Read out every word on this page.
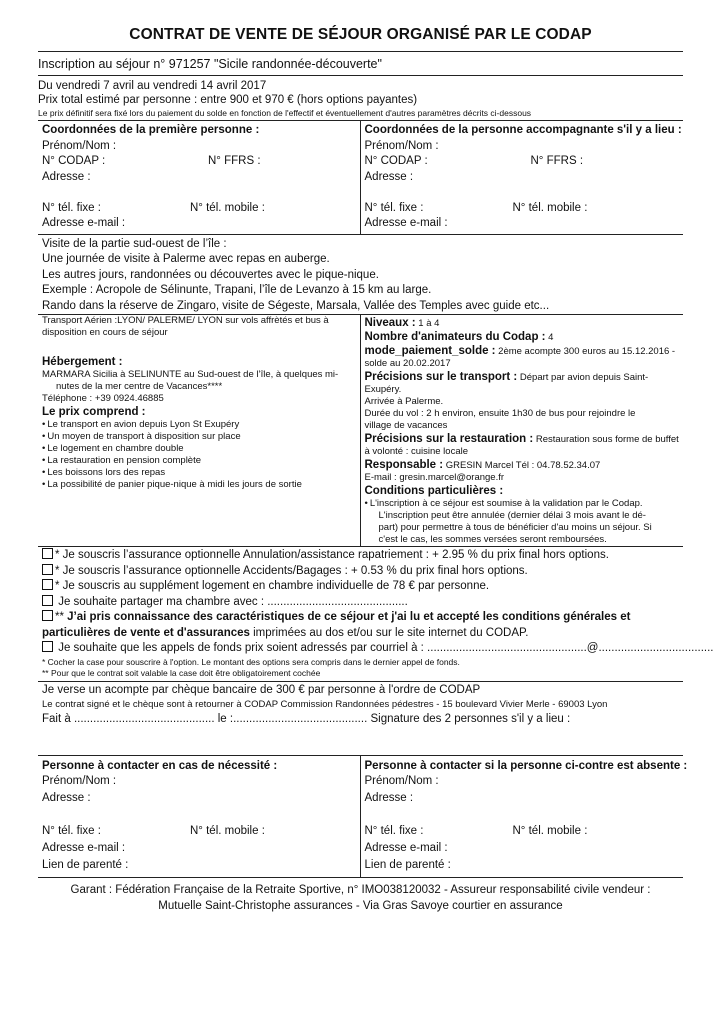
CONTRAT DE VENTE DE SÉJOUR ORGANISÉ PAR LE CODAP
Inscription au séjour n° 971257 "Sicile randonnée-découverte"
Du vendredi 7 avril au vendredi 14 avril 2017
Prix total estimé par personne : entre 900 et 970 € (hors options payantes)
Le prix définitif sera fixé lors du paiement du solde en fonction de l'effectif et éventuellement d'autres paramètres décrits ci-dessous
Coordonnées de la première personne :
Prénom/Nom :
N° CODAP :	N° FFRS :
Adresse :
N° tél. fixe :	N° tél. mobile :
Adresse e-mail :
Coordonnées de la personne accompagnante s'il y a lieu :
Prénom/Nom :
N° CODAP :	N° FFRS :
Adresse :
N° tél. fixe :	N° tél. mobile :
Adresse e-mail :
Visite de la partie sud-ouest de l’île :
Une journée de visite à Palerme avec repas en auberge.
Les autres jours, randonnées ou découvertes avec le pique-nique.
Exemple : Acropole de Sélinunte, Trapani, l’île de Levanzo à 15 km au large.
Rando dans la réserve de Zingaro, visite de Ségeste, Marsala, Vallée des Temples avec guide etc...
Transport Aérien :LYON/ PALERME/ LYON sur vols affrètés et bus à disposition en cours de séjour
Hébergement :
MARMARA Sicilia à SELINUNTE au Sud-ouest de l’île, à quelques mi-
nutes de la mer centre de Vacances****
Téléphone : +39 0924.46885
Le prix comprend :
• Le transport en avion depuis Lyon St Exupéry
• Un moyen de transport à disposition sur place
• Le logement en chambre double
• La restauration en pension complète
• Les boissons lors des repas
• La possibilité de panier pique-nique à midi les jours de sortie
Niveaux : 1 à 4
Nombre d'animateurs du Codap : 4
mode_paiement_solde : 2ème acompte 300 euros au 15.12.2016 -
solde au 20.02.2017
Précisions sur le transport : Départ par avion depuis Saint-Exupéry.
Arrivée à Palerme.
Durée du vol : 2 h environ, ensuite 1h30 de bus pour rejoindre le
village de vacances
Précisions sur la restauration : Restauration sous forme de buffet
à volonté : cuisine locale
Responsable : GRESIN Marcel Tél : 04.78.52.34.07
E-mail : gresin.marcel@orange.fr
Conditions particulières :
• L'inscription à ce séjour est soumise à la validation par le Codap.
L'inscription peut être annulée (dernier délai 3 mois avant le dé-
part) pour permettre à tous de bénéficier d'au moins un séjour. Si
c'est le cas, les sommes versées seront remboursées.
* Je souscris l’assurance optionnelle Annulation/assistance rapatriement : + 2.95 % du prix final hors options.
* Je souscris l’assurance optionnelle Accidents/Bagages : + 0.53 % du prix final hors options.
* Je souscris au supplément logement en chambre individuelle de 78 € par personne.
Je souhaite partager ma chambre avec : ............................................
** J’ai pris connaissance des caractéristiques de ce séjour et j'ai lu et accepté les conditions générales et particulières de vente et d'assurances imprimées au dos et/ou sur le site internet du CODAP.
Je souhaite que les appels de fonds prix soient adressés par courriel à : ..................................................@....................................
* Cocher la case pour souscrire à l'option. Le montant des options sera compris dans le dernier appel de fonds.
** Pour que le contrat soit valable la case doit être obligatoirement cochée
Je verse un acompte par chèque bancaire de 300 € par personne à l'ordre de CODAP
Le contrat signé et le chèque sont à retourner à CODAP Commission Randonnées pédestres - 15 boulevard Vivier Merle - 69003 Lyon
Fait à ............................................ le :.......................................... Signature des 2 personnes s'il y a lieu :
Personne à contacter en cas de nécessité :
Prénom/Nom :
Adresse :
N° tél. fixe :	N° tél. mobile :
Adresse e-mail :
Lien de parenté :
Personne à contacter si la personne ci-contre est absente :
Prénom/Nom :
Adresse :
N° tél. fixe :	N° tél. mobile :
Adresse e-mail :
Lien de parenté :
Garant : Fédération Française de la Retraite Sportive, n° IMO038120032 - Assureur responsabilité civile vendeur :
Mutuelle Saint-Christophe assurances - Via Gras Savoye courtier en assurance
